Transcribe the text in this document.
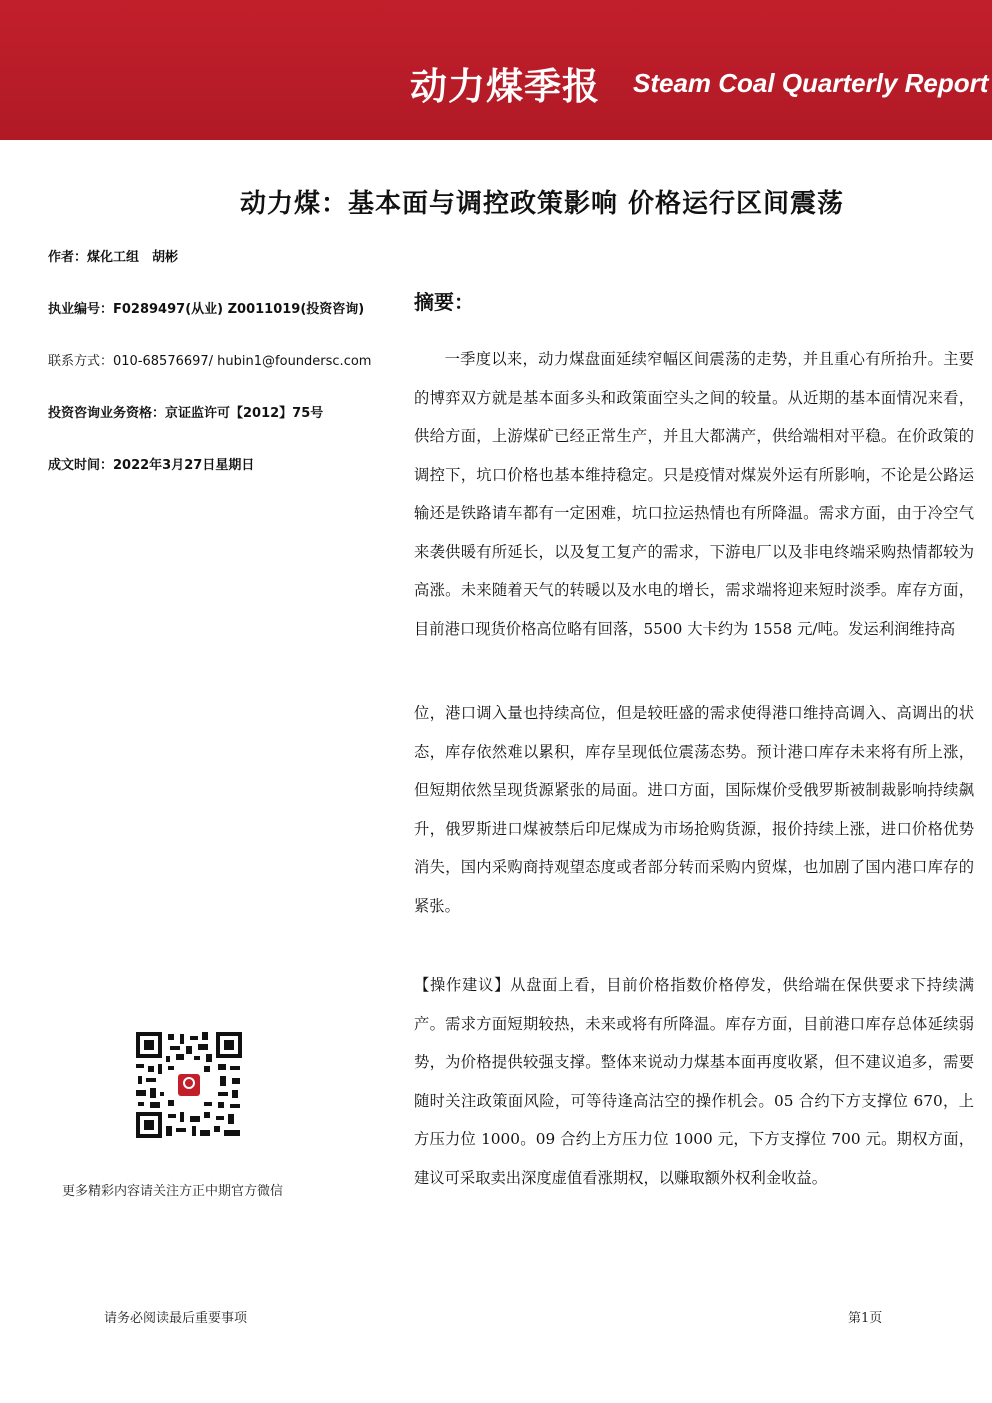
动力煤季报 Steam Coal Quarterly Report
动力煤：基本面与调控政策影响 价格运行区间震荡
作者：煤化工组　胡彬
执业编号：F0289497(从业) Z0011019(投资咨询)
联系方式：010-68576697/ hubin1@foundersc.com
投资咨询业务资格：京证监许可【2012】75号
成文时间：2022年3月27日星期日
摘要：

一季度以来，动力煤盘面延续窄幅区间震荡的走势，并且重心有所抬升。主要的博弈双方就是基本面多头和政策面空头之间的较量。从近期的基本面情况来看，供给方面，上游煤矿已经正常生产，并且大都满产，供给端相对平稳。在价政策的调控下，坑口价格也基本维持稳定。只是疫情对煤炭外运有所影响，不论是公路运输还是铁路请车都有一定困难，坑口拉运热情也有所降温。需求方面，由于冷空气来袭供暖有所延长，以及复工复产的需求，下游电厂以及非电终端采购热情都较为高涨。未来随着天气的转暖以及水电的增长，需求端将迎来短时淡季。库存方面，目前港口现货价格高位略有回落，5500 大卡约为 1558 元/吨。发运利润维持高

位，港口调入量也持续高位，但是较旺盛的需求使得港口维持高调入、高调出的状态，库存依然难以累积，库存呈现低位震荡态势。预计港口库存未来将有所上涨，但短期依然呈现货源紧张的局面。进口方面，国际煤价受俄罗斯被制裁影响持续飙升，俄罗斯进口煤被禁后印尼煤成为市场抢购货源，报价持续上涨，进口价格优势消失，国内采购商持观望态度或者部分转而采购内贸煤，也加剧了国内港口库存的紧张。

【操作建议】从盘面上看，目前价格指数价格停发，供给端在保供要求下持续满产。需求方面短期较热，未来或将有所降温。库存方面，目前港口库存总体延续弱势，为价格提供较强支撑。整体来说动力煤基本面再度收紧，但不建议追多，需要随时关注政策面风险，可等待逢高沽空的操作机会。05 合约下方支撑位 670，上方压力位 1000。09 合约上方压力位 1000 元，下方支撑位 700 元。期权方面，建议可采取卖出深度虚值看涨期权，以赚取额外权利金收益。

更多精彩内容请关注方正中期官方微信
请务必阅读最后重要事项	第1页
